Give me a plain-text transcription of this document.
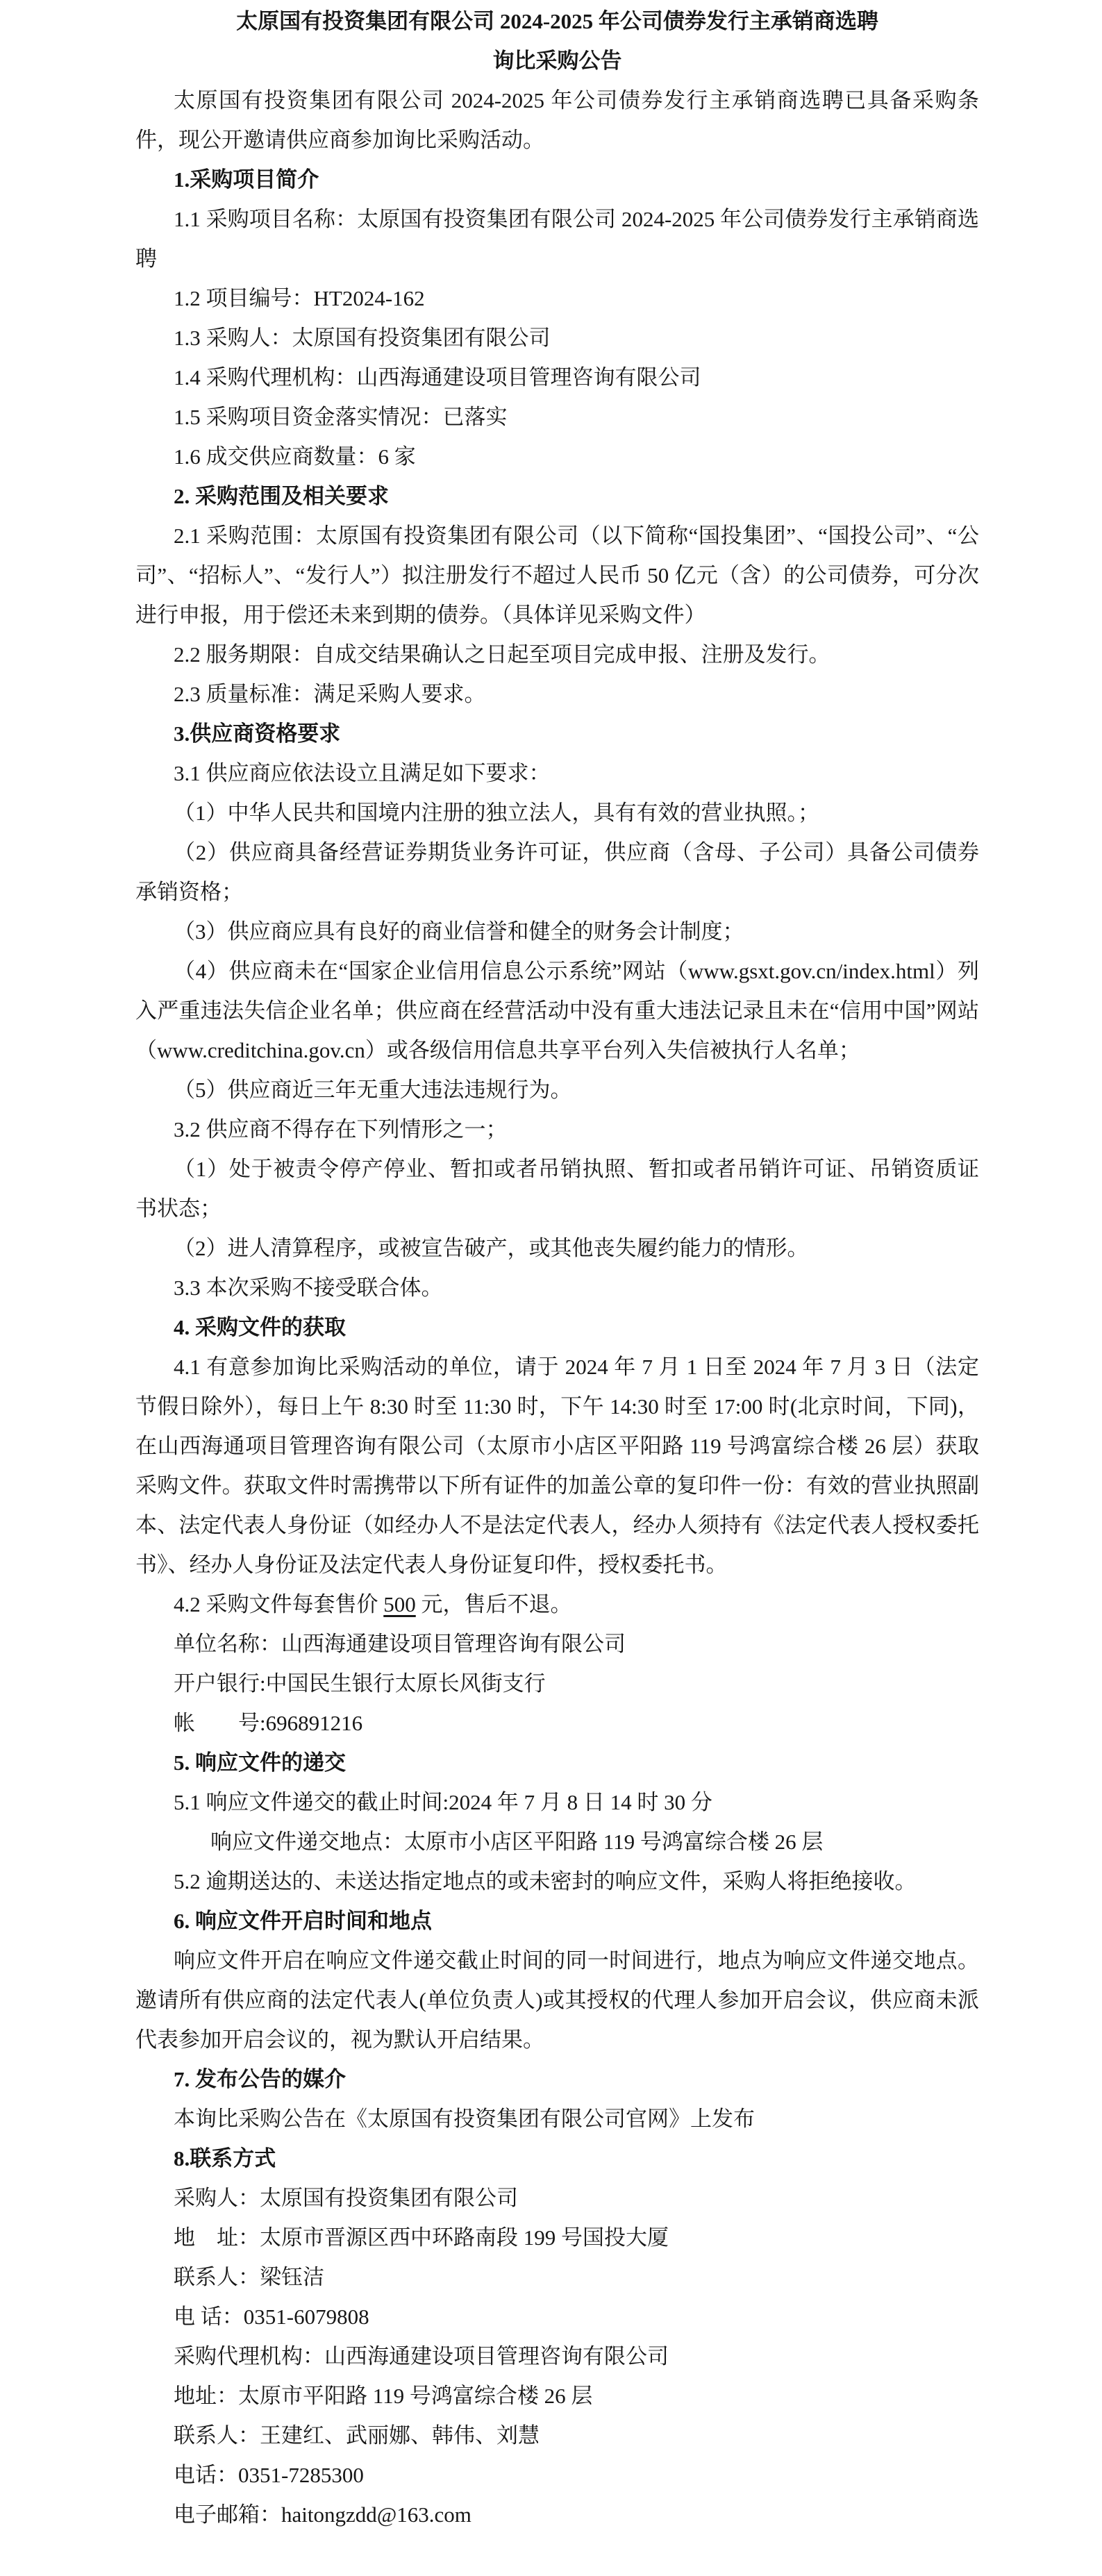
太原国有投资集团有限公司 2024-2025 年公司债券发行主承销商选聘
询比采购公告

太原国有投资集团有限公司 2024-2025 年公司债券发行主承销商选聘已具备采购条件，现公开邀请供应商参加询比采购活动。

1.采购项目简介

1.1 采购项目名称：太原国有投资集团有限公司 2024-2025 年公司债券发行主承销商选聘

1.2 项目编号：HT2024-162

1.3 采购人：太原国有投资集团有限公司

1.4 采购代理机构：山西海通建设项目管理咨询有限公司

1.5 采购项目资金落实情况：已落实

1.6 成交供应商数量：6 家

2. 采购范围及相关要求

2.1 采购范围：太原国有投资集团有限公司（以下简称“国投集团”、“国投公司”、“公司”、“招标人”、“发行人”）拟注册发行不超过人民币 50 亿元（含）的公司债券，可分次进行申报，用于偿还未来到期的债券。（具体详见采购文件）

2.2 服务期限：自成交结果确认之日起至项目完成申报、注册及发行。

2.3 质量标准：满足采购人要求。

3.供应商资格要求

3.1 供应商应依法设立且满足如下要求：

（1）中华人民共和国境内注册的独立法人，具有有效的营业执照。；

（2）供应商具备经营证券期货业务许可证，供应商（含母、子公司）具备公司债券承销资格；

（3）供应商应具有良好的商业信誉和健全的财务会计制度；

（4）供应商未在“国家企业信用信息公示系统”网站（www.gsxt.gov.cn/index.html）列入严重违法失信企业名单；供应商在经营活动中没有重大违法记录且未在“信用中国”网站（www.creditchina.gov.cn）或各级信用信息共享平台列入失信被执行人名单；

（5）供应商近三年无重大违法违规行为。

3.2 供应商不得存在下列情形之一；

（1）处于被责令停产停业、暂扣或者吊销执照、暂扣或者吊销许可证、吊销资质证书状态；

（2）进人清算程序，或被宣告破产，或其他丧失履约能力的情形。

3.3 本次采购不接受联合体。

4. 采购文件的获取

4.1 有意参加询比采购活动的单位，请于 2024 年 7 月 1 日至 2024 年 7 月 3 日（法定节假日除外），每日上午 8:30 时至 11:30 时，下午 14:30 时至 17:00 时(北京时间，下同)，在山西海通项目管理咨询有限公司（太原市小店区平阳路 119 号鸿富综合楼 26 层）获取采购文件。获取文件时需携带以下所有证件的加盖公章的复印件一份：有效的营业执照副本、法定代表人身份证（如经办人不是法定代表人，经办人须持有《法定代表人授权委托书》、经办人身份证及法定代表人身份证复印件，授权委托书。

4.2 采购文件每套售价 500 元，售后不退。

单位名称：山西海通建设项目管理咨询有限公司

开户银行:中国民生银行太原长风街支行

帐　　号:696891216

5. 响应文件的递交

5.1 响应文件递交的截止时间:2024 年 7 月 8 日 14 时 30 分

响应文件递交地点：太原市小店区平阳路 119 号鸿富综合楼 26 层

5.2 逾期送达的、未送达指定地点的或未密封的响应文件，采购人将拒绝接收。

6. 响应文件开启时间和地点

响应文件开启在响应文件递交截止时间的同一时间进行，地点为响应文件递交地点。邀请所有供应商的法定代表人(单位负责人)或其授权的代理人参加开启会议，供应商未派代表参加开启会议的，视为默认开启结果。

7. 发布公告的媒介

本询比采购公告在《太原国有投资集团有限公司官网》上发布

8.联系方式

采购人：太原国有投资集团有限公司

地　址：太原市晋源区西中环路南段 199 号国投大厦

联系人：梁钰洁

电 话：0351-6079808

采购代理机构：山西海通建设项目管理咨询有限公司

地址：太原市平阳路 119 号鸿富综合楼 26 层

联系人：王建红、武丽娜、韩伟、刘慧

电话：0351-7285300

电子邮箱：haitongzdd@163.com
